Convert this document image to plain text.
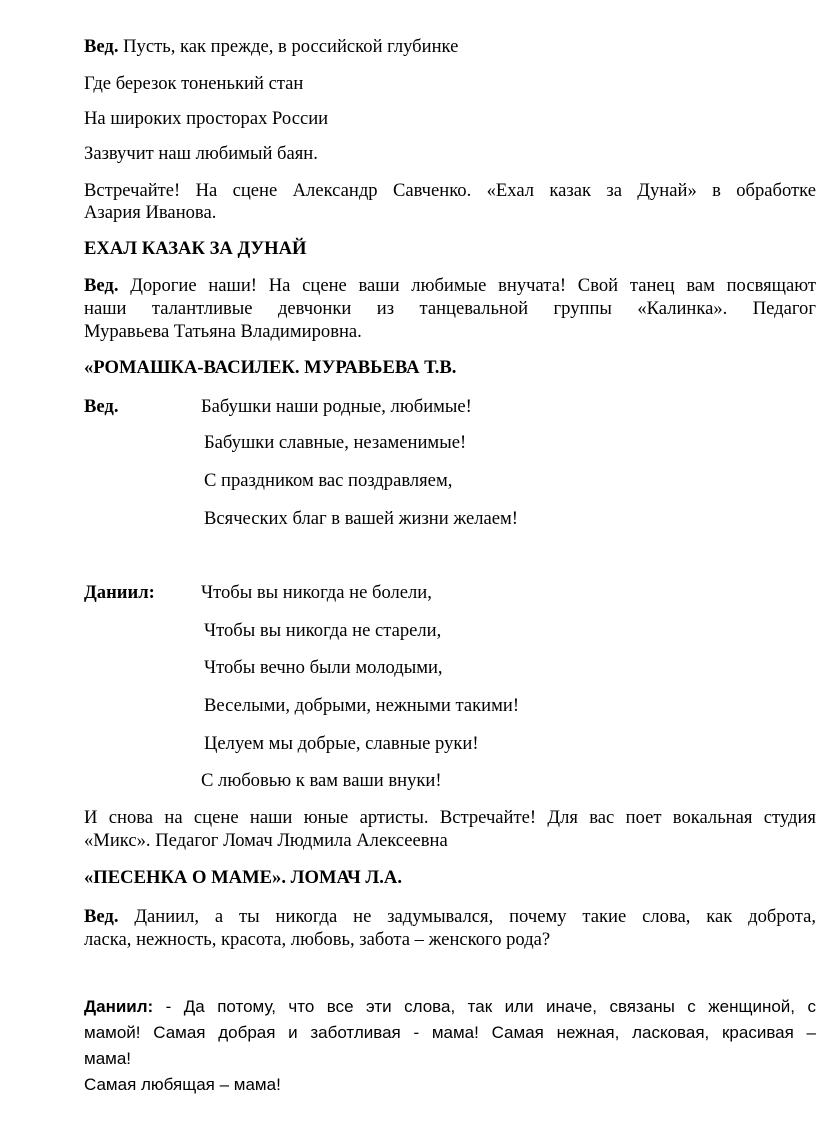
Вед. Пусть, как прежде, в российской глубинке
Где березок тоненький стан
На широких просторах России
Зазвучит наш любимый баян.
Встречайте! На сцене Александр Савченко. «Ехал казак за Дунай» в обработке
Азария Иванова.
ЕХАЛ КАЗАК ЗА ДУНАЙ
Вед. Дорогие наши! На сцене ваши любимые внучата! Свой танец вам посвящают
наши талантливые девчонки из танцевальной группы «Калинка». Педагог
Муравьева Татьяна Владимировна.
«РОМАШКА-ВАСИЛЕК. МУРАВЬЕВА Т.В.
Вед.	Бабушки наши родные, любимые!
Бабушки славные, незаменимые!
С праздником вас поздравляем,
Всяческих благ в вашей жизни желаем!
Даниил: Чтобы вы никогда не болели,
Чтобы вы никогда не старели,
Чтобы вечно были молодыми,
Веселыми, добрыми, нежными такими!
Целуем мы добрые, славные руки!
С любовью к вам ваши внуки!
И снова на сцене наши юные артисты. Встречайте! Для вас поет вокальная студия
«Микс». Педагог Ломач Людмила Алексеевна
«ПЕСЕНКА О МАМЕ». ЛОМАЧ Л.А.
Вед. Даниил, а ты никогда не задумывался, почему такие слова, как доброта,
ласка, нежность, красота, любовь, забота – женского рода?
Даниил: - Да потому, что все эти слова, так или иначе, связаны с женщиной, с
мамой! Самая добрая и заботливая - мама! Самая нежная, ласковая, красивая –
мама!
Самая любящая – мама!
